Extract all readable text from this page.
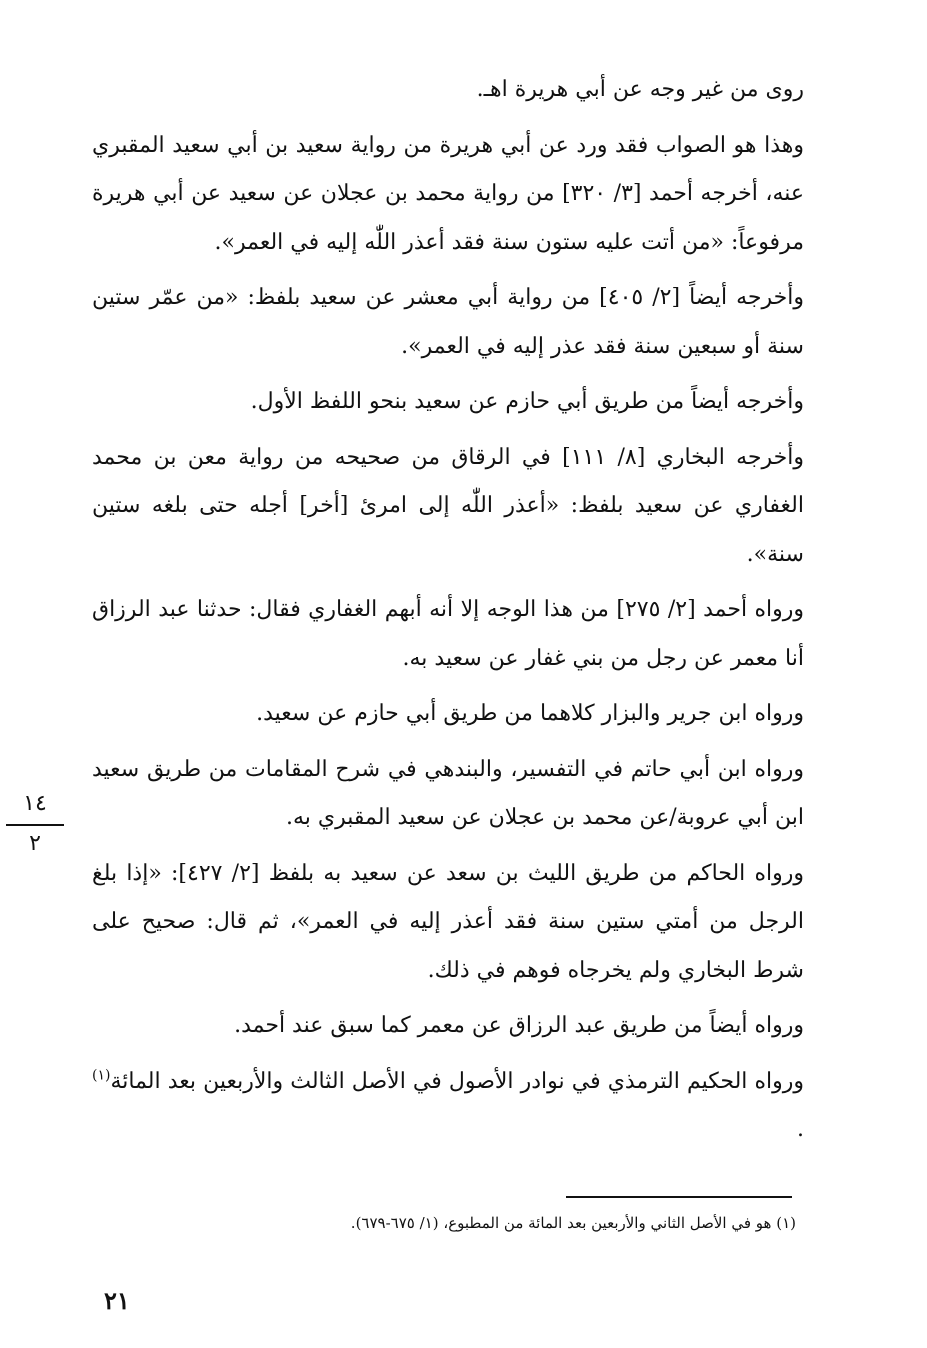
روى من غير وجه عن أبي هريرة اهـ.

وهذا هو الصواب فقد ورد عن أبي هريرة من رواية سعيد بن أبي سعيد المقبري عنه، أخرجه أحمد [٣/ ٣٢٠] من رواية محمد بن عجلان عن سعيد عن أبي هريرة مرفوعاً: «من أتت عليه ستون سنة فقد أعذر اللّٰه إليه في العمر».

وأخرجه أيضاً [٢/ ٤٠٥] من رواية أبي معشر عن سعيد بلفظ: «من عمّر ستين سنة أو سبعين سنة فقد عذر إليه في العمر».

وأخرجه أيضاً من طريق أبي حازم عن سعيد بنحو اللفظ الأول.

وأخرجه البخاري [٨/ ١١١] في الرقاق من صحيحه من رواية معن بن محمد الغفاري عن سعيد بلفظ: «أعذر اللّٰه إلى امرئ [أخر] أجله حتى بلغه ستين سنة».

ورواه أحمد [٢/ ٢٧٥] من هذا الوجه إلا أنه أبهم الغفاري فقال: حدثنا عبد الرزاق أنا معمر عن رجل من بني غفار عن سعيد به.

ورواه ابن جرير والبزار كلاهما من طريق أبي حازم عن سعيد.

ورواه ابن أبي حاتم في التفسير، والبندهي في شرح المقامات من طريق سعيد ابن أبي عروبة/عن محمد بن عجلان عن سعيد المقبري به.

ورواه الحاكم من طريق الليث بن سعد عن سعيد به بلفظ [٢/ ٤٢٧]: «إذا بلغ الرجل من أمتي ستين سنة فقد أعذر إليه في العمر»، ثم قال: صحيح على شرط البخاري ولم يخرجاه فوهم في ذلك.

ورواه أيضاً من طريق عبد الرزاق عن معمر كما سبق عند أحمد.

ورواه الحكيم الترمذي في نوادر الأصول في الأصل الثالث والأربعين بعد المائة$^{(١)}$ .

١٤
٢
(١) هو في الأصل الثاني والأربعين بعد المائة من المطبوع، (١/ ٦٧٥-٦٧٩).
٢١
